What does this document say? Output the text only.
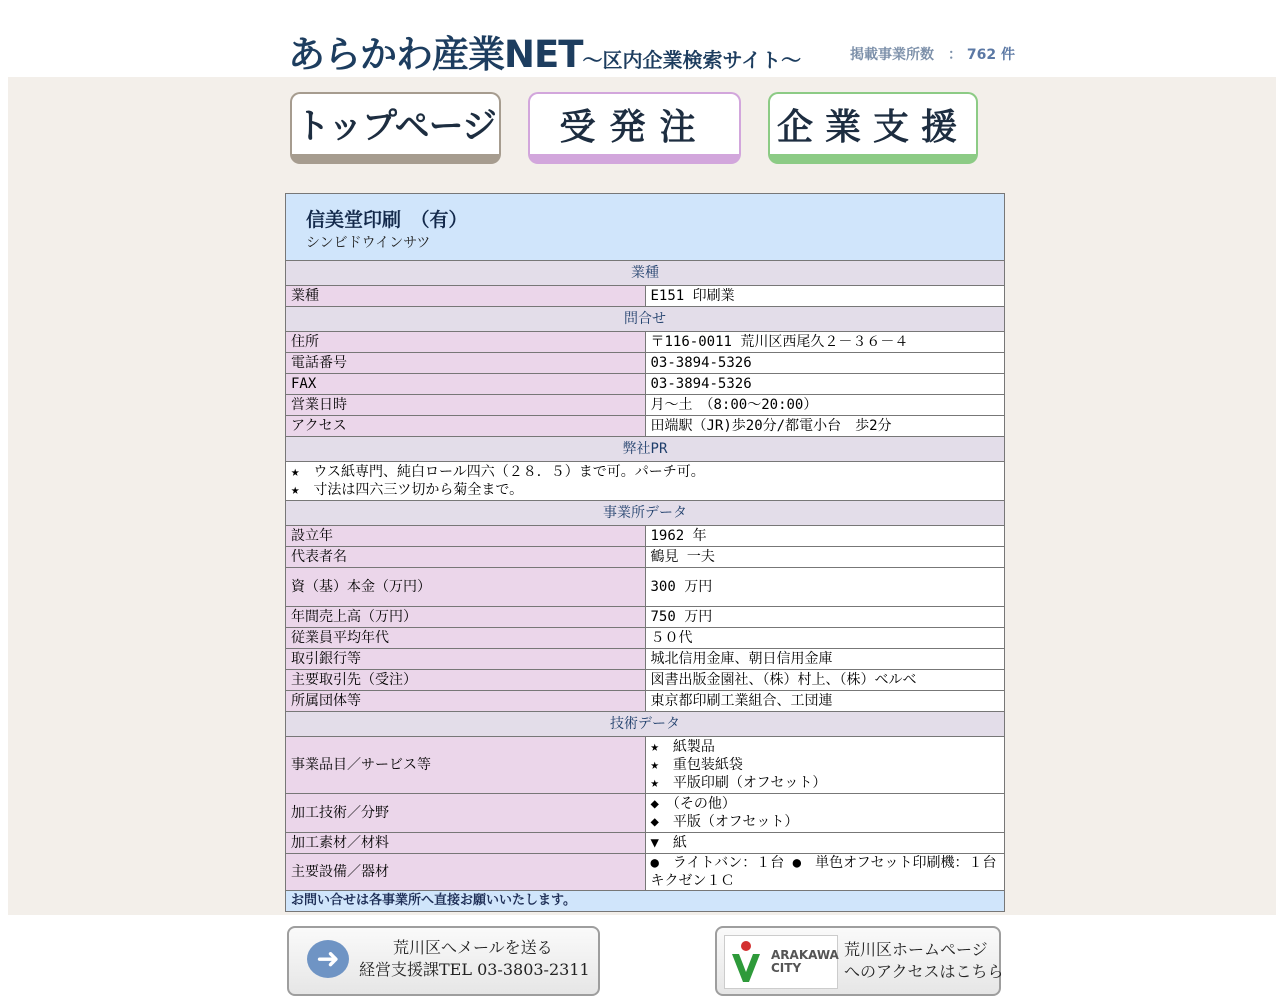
あらかわ産業NET～区内企業検索サイト～	掲載事業所数　： 762 件
トップページ 受発注 企業支援
信美堂印刷　（有）
シンビドウインサツ
業種	
業種	E151 印刷業
問合せ	
住所	〒116-0011 荒川区西尾久２－３６－４
電話番号	03-3894-5326
FAX	03-3894-5326
営業日時	月～土　（8:00～20:00）
アクセス	田端駅（JR)歩20分/都電小台　歩2分
弊社PR	

★　ウス紙専門、純白ロール四六（２８．５）まで可。パーチ可。
★　寸法は四六三ツ切から菊全まで。	

事業所データ	
設立年	1962 年
代表者名	鶴見 一夫
資（基）本金（万円）	300 万円
年間売上高（万円）	750 万円
従業員平均年代	５０代
取引銀行等	城北信用金庫、朝日信用金庫
主要取引先（受注）	図書出版金園社、（株）村上、（株）ベルベ
所属団体等	東京都印刷工業組合、工団連
技術データ	
事業品目／サービス等	★　紙製品
★　重包装紙袋
★　平版印刷（オフセット）

加工技術／分野	◆　（その他）
◆　平版（オフセット）

加工素材／材料	▼　紙
主要設備／器材	●　ライトバン：１台 ●　単色オフセット印刷機：１台　キクゼン１Ｃ
お問い合せは各事業所へ直接お願いいたします。	
➜	荒川区へメールを送る
経営支援課TEL 03-3803-2311
ARAKAWA
CITY
荒川区ホームページ
へのアクセスはこちら
